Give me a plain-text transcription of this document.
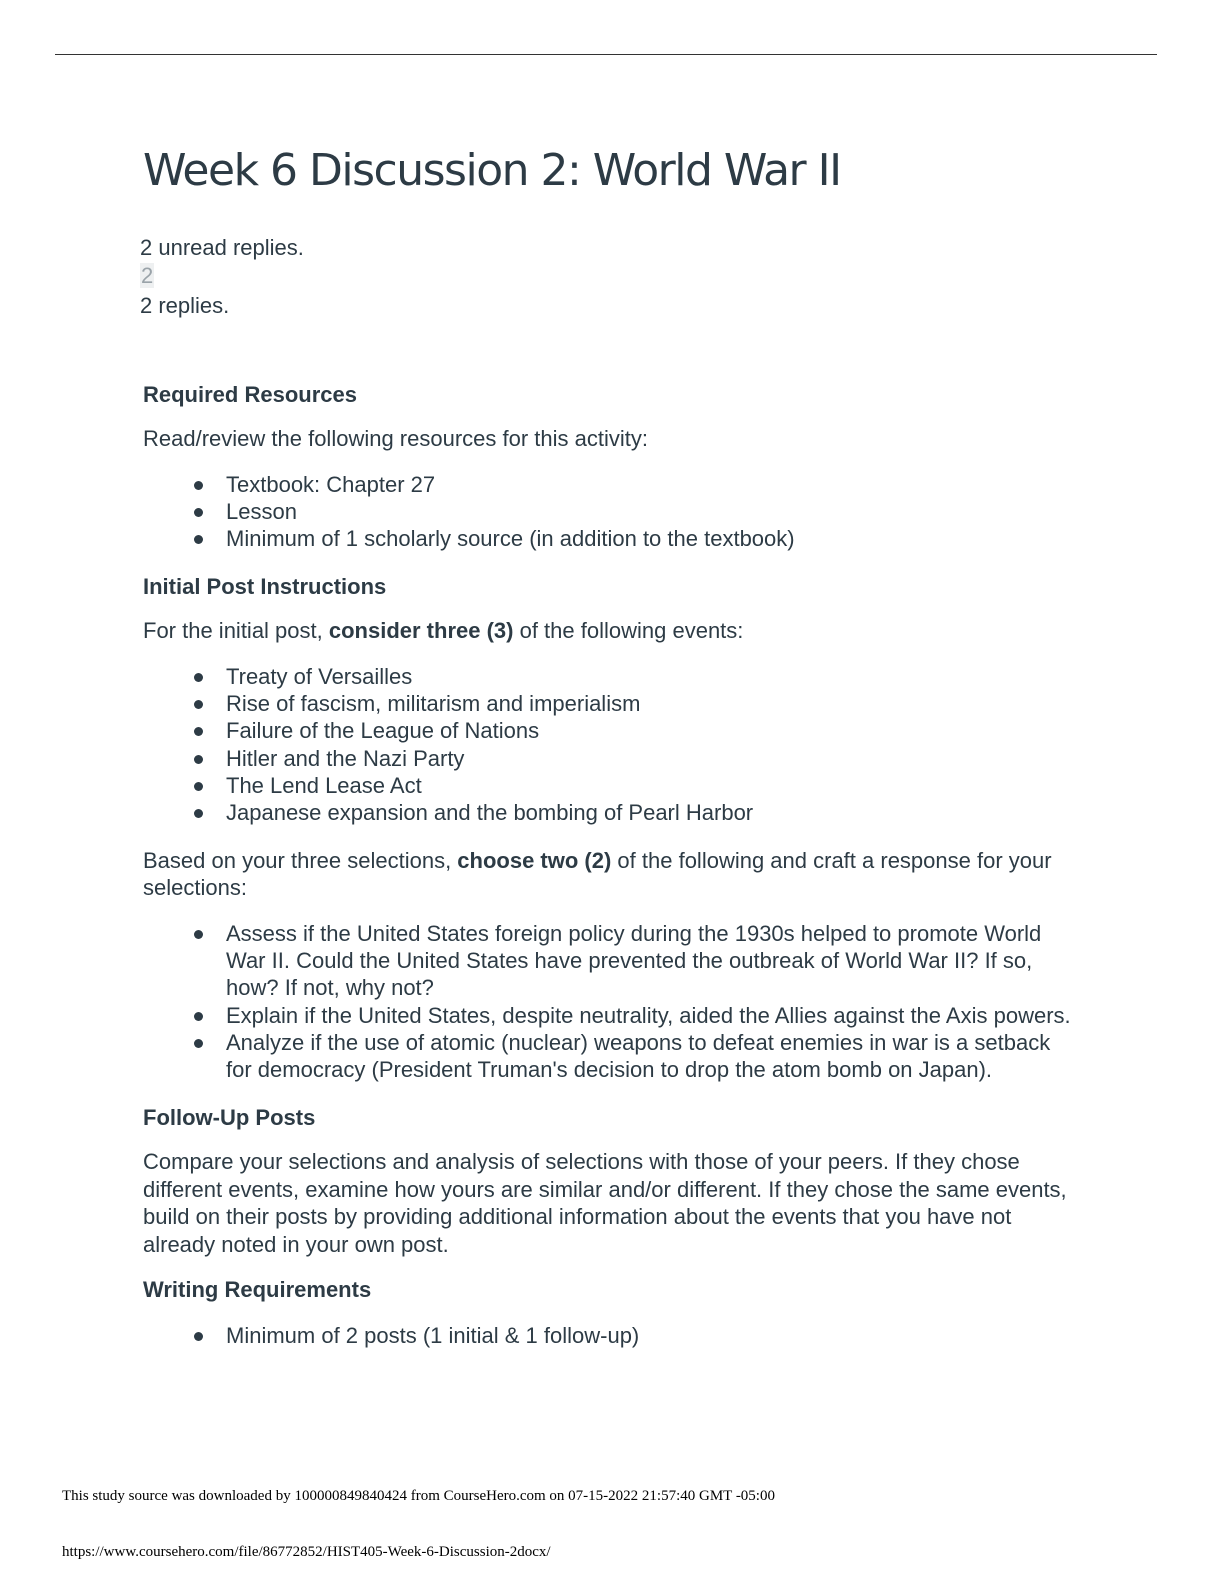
Week 6 Discussion 2: World War II
2 unread replies.
2
2 replies.
Required Resources

Read/review the following resources for this activity:

Textbook: Chapter 27
Lesson
Minimum of 1 scholarly source (in addition to the textbook)
Initial Post Instructions

For the initial post, consider three (3) of the following events:

Treaty of Versailles
Rise of fascism, militarism and imperialism
Failure of the League of Nations
Hitler and the Nazi Party
The Lend Lease Act
Japanese expansion and the bombing of Pearl Harbor

Based on your three selections, choose two (2) of the following and craft a response for your selections:

Assess if the United States foreign policy during the 1930s helped to promote World War II. Could the United States have prevented the outbreak of World War II? If so, how? If not, why not?
Explain if the United States, despite neutrality, aided the Allies against the Axis powers.
Analyze if the use of atomic (nuclear) weapons to defeat enemies in war is a setback for democracy (President Truman's decision to drop the atom bomb on Japan).
Follow-Up Posts

Compare your selections and analysis of selections with those of your peers. If they chose different events, examine how yours are similar and/or different. If they chose the same events, build on their posts by providing additional information about the events that you have not already noted in your own post.

Writing Requirements
Minimum of 2 posts (1 initial & 1 follow-up)
This study source was downloaded by 100000849840424 from CourseHero.com on 07-15-2022 21:57:40 GMT -05:00
https://www.coursehero.com/file/86772852/HIST405-Week-6-Discussion-2docx/
